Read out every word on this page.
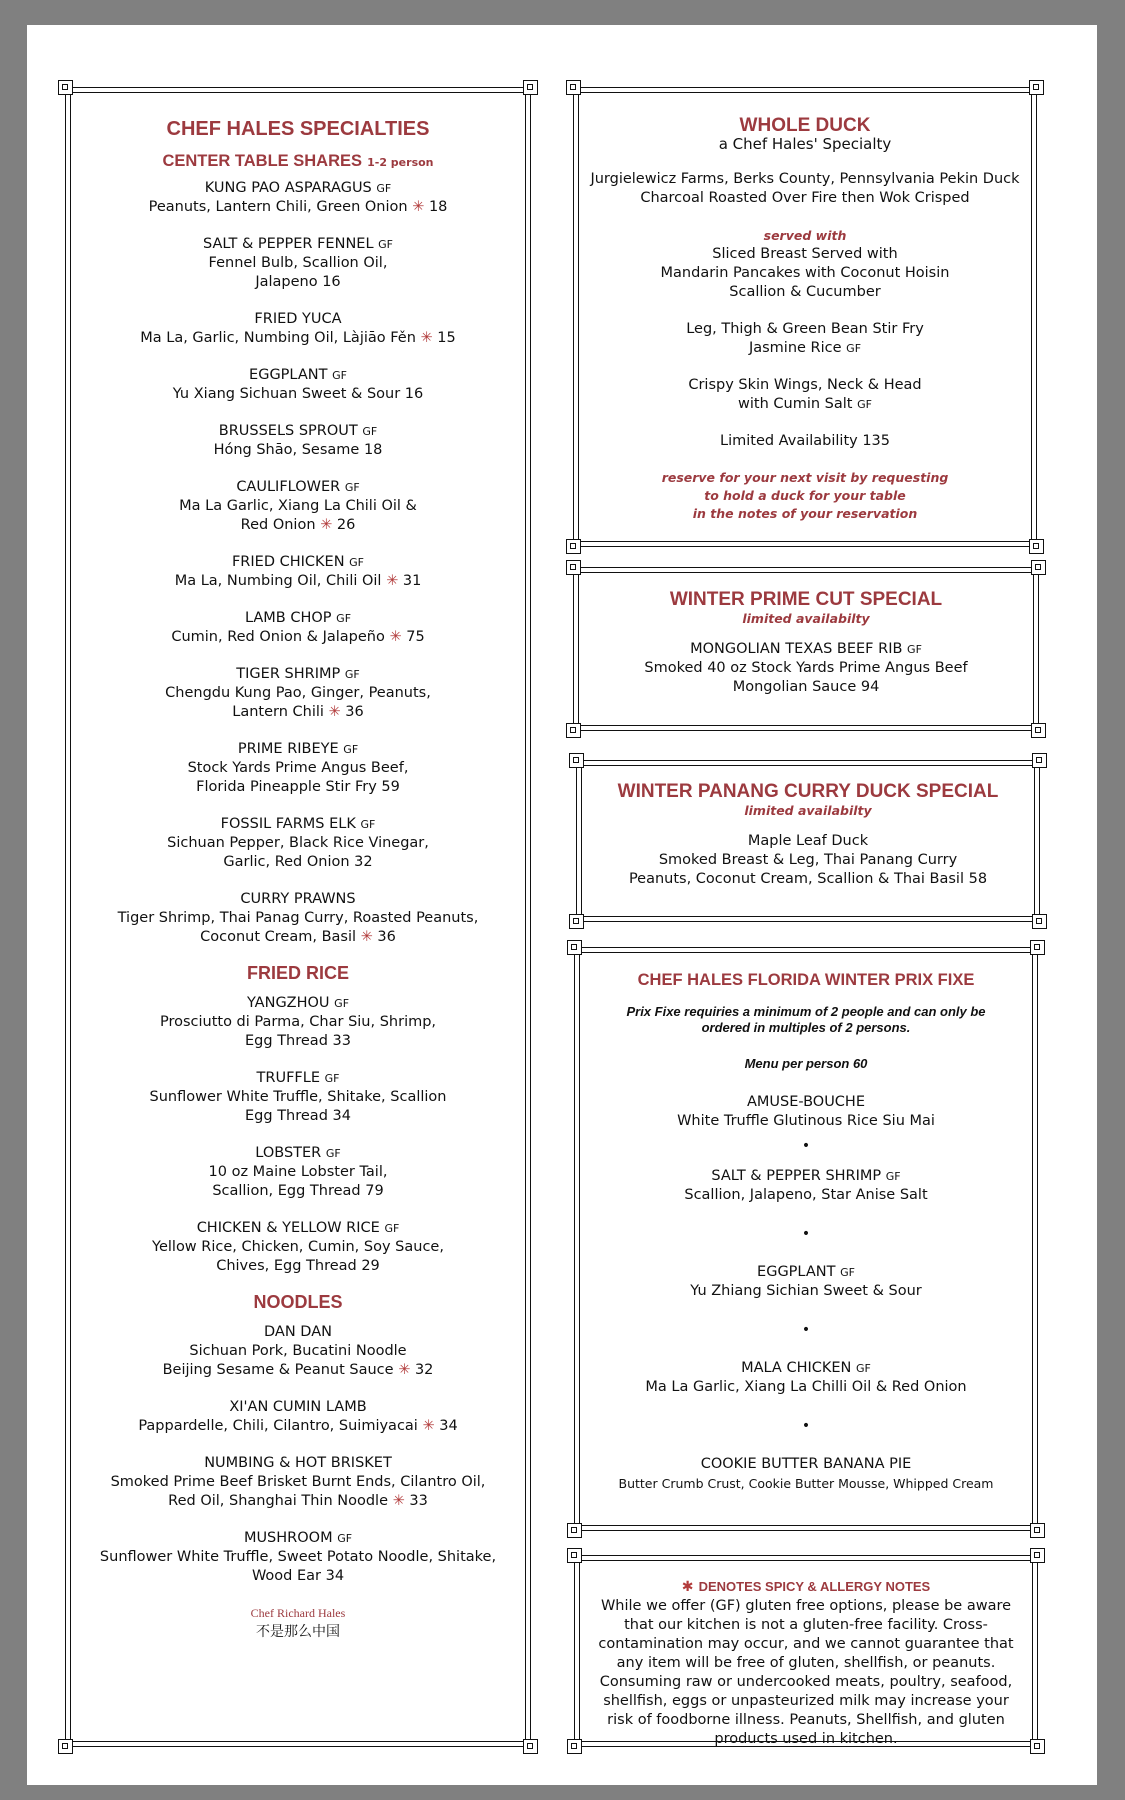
CHEF HALES SPECIALTIES
CENTER TABLE SHARES 1-2 person
KUNG PAO ASPARAGUS GF
Peanuts, Lantern Chili, Green Onion ✳ 18
SALT & PEPPER FENNEL GF
Fennel Bulb, Scallion Oil,
Jalapeno 16
FRIED YUCA
Ma La, Garlic, Numbing Oil, Làjiāo Fěn ✳ 15
EGGPLANT GF
Yu Xiang Sichuan Sweet & Sour 16
BRUSSELS SPROUT GF
Hóng Shāo, Sesame 18
CAULIFLOWER GF
Ma La Garlic, Xiang La Chili Oil &
Red Onion ✳ 26
FRIED CHICKEN GF
Ma La, Numbing Oil, Chili Oil ✳ 31
LAMB CHOP GF
Cumin, Red Onion & Jalapeño ✳ 75
TIGER SHRIMP GF
Chengdu Kung Pao, Ginger, Peanuts,
Lantern Chili ✳ 36
PRIME RIBEYE GF
Stock Yards Prime Angus Beef,
Florida Pineapple Stir Fry 59
FOSSIL FARMS ELK GF
Sichuan Pepper, Black Rice Vinegar,
Garlic, Red Onion 32
CURRY PRAWNS
Tiger Shrimp, Thai Panag Curry, Roasted Peanuts,
Coconut Cream, Basil ✳ 36
FRIED RICE
YANGZHOU GF
Prosciutto di Parma, Char Siu, Shrimp,
Egg Thread 33
TRUFFLE GF
Sunflower White Truffle, Shitake, Scallion
Egg Thread 34
LOBSTER GF
10 oz Maine Lobster Tail,
Scallion, Egg Thread 79
CHICKEN & YELLOW RICE GF
Yellow Rice, Chicken, Cumin, Soy Sauce,
Chives, Egg Thread 29
NOODLES
DAN DAN
Sichuan Pork, Bucatini Noodle
Beijing Sesame & Peanut Sauce ✳ 32
XI'AN CUMIN LAMB
Pappardelle, Chili, Cilantro, Suimiyacai ✳ 34
NUMBING & HOT BRISKET
Smoked Prime Beef Brisket Burnt Ends, Cilantro Oil,
Red Oil, Shanghai Thin Noodle ✳ 33
MUSHROOM GF
Sunflower White Truffle, Sweet Potato Noodle, Shitake,
Wood Ear 34
Chef Richard Hales
不是那么中国
WHOLE DUCK
a Chef Hales' Specialty
Jurgielewicz Farms, Berks County, Pennsylvania Pekin Duck
Charcoal Roasted Over Fire then Wok Crisped
served with
Sliced Breast Served with
Mandarin Pancakes with Coconut Hoisin
Scallion & Cucumber
Leg, Thigh & Green Bean Stir Fry
Jasmine Rice GF
Crispy Skin Wings, Neck & Head
with Cumin Salt GF
Limited Availability 135
reserve for your next visit by requesting
to hold a duck for your table
in the notes of your reservation
WINTER PRIME CUT SPECIAL
limited availabilty
MONGOLIAN TEXAS BEEF RIB GF
Smoked 40 oz Stock Yards Prime Angus Beef
Mongolian Sauce 94
WINTER PANANG CURRY DUCK SPECIAL
limited availabilty
Maple Leaf Duck
Smoked Breast & Leg, Thai Panang Curry
Peanuts, Coconut Cream, Scallion & Thai Basil 58
CHEF HALES FLORIDA WINTER PRIX FIXE
Prix Fixe requiries a minimum of 2 people and can only be
ordered in multiples of 2 persons.
Menu per person 60
AMUSE-BOUCHE
White Truffle Glutinous Rice Siu Mai
•
SALT & PEPPER SHRIMP GF
Scallion, Jalapeno, Star Anise Salt
•
EGGPLANT GF
Yu Zhiang Sichian Sweet & Sour
•
MALA CHICKEN GF
Ma La Garlic, Xiang La Chilli Oil & Red Onion
•
COOKIE BUTTER BANANA PIE
Butter Crumb Crust, Cookie Butter Mousse, Whipped Cream
✱ DENOTES SPICY & ALLERGY NOTES
While we offer (GF) gluten free options, please be aware that our kitchen is not a gluten-free facility. Cross-contamination may occur, and we cannot guarantee that any item will be free of gluten, shellfish, or peanuts. Consuming raw or undercooked meats, poultry, seafood, shellfish, eggs or unpasteurized milk may increase your risk of foodborne illness. Peanuts, Shellfish, and gluten products used in kitchen.
